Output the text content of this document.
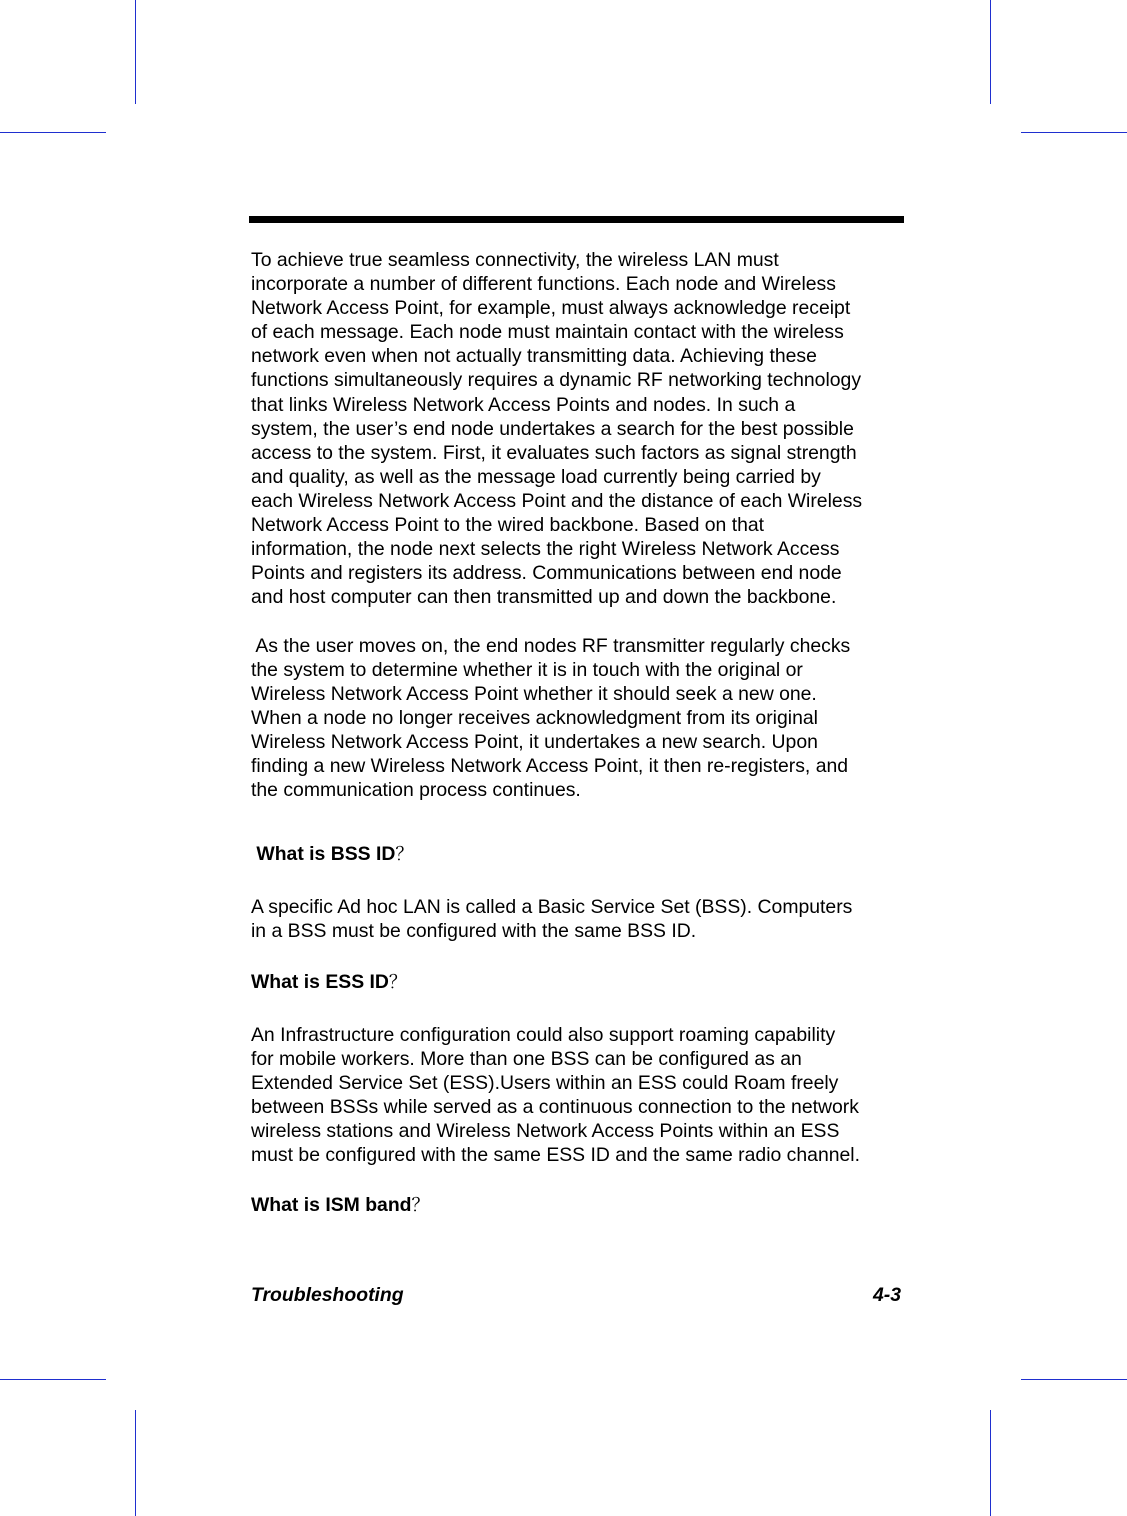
To achieve true seamless connectivity, the wireless LAN must
incorporate a number of different functions. Each node and Wireless
Network Access Point, for example, must always acknowledge receipt
of each message. Each node must maintain contact with the wireless
network even when not actually transmitting data. Achieving these
functions simultaneously requires a dynamic RF networking technology
that links Wireless Network Access Points and nodes. In such a
system, the user’s end node undertakes a search for the best possible
access to the system. First, it evaluates such factors as signal strength
and quality, as well as the message load currently being carried by
each Wireless Network Access Point and the distance of each Wireless
Network Access Point to the wired backbone. Based on that
information, the node next selects the right Wireless Network Access
Points and registers its address. Communications between end node
and host computer can then transmitted up and down the backbone.
As the user moves on, the end nodes RF transmitter regularly checks
the system to determine whether it is in touch with the original or
Wireless Network Access Point whether it should seek a new one.
When a node no longer receives acknowledgment from its original
Wireless Network Access Point, it undertakes a new search. Upon
finding a new Wireless Network Access Point, it then re-registers, and
the communication process continues.
What is BSS ID？
A specific Ad hoc LAN is called a Basic Service Set (BSS). Computers
in a BSS must be configured with the same BSS ID.
What is ESS ID？
An Infrastructure configuration could also support roaming capability
for mobile workers. More than one BSS can be configured as an
Extended Service Set (ESS).Users within an ESS could Roam freely
between BSSs while served as a continuous connection to the network
wireless stations and Wireless Network Access Points within an ESS
must be configured with the same ESS ID and the same radio channel.
What is ISM band？
Troubleshooting	4-3
